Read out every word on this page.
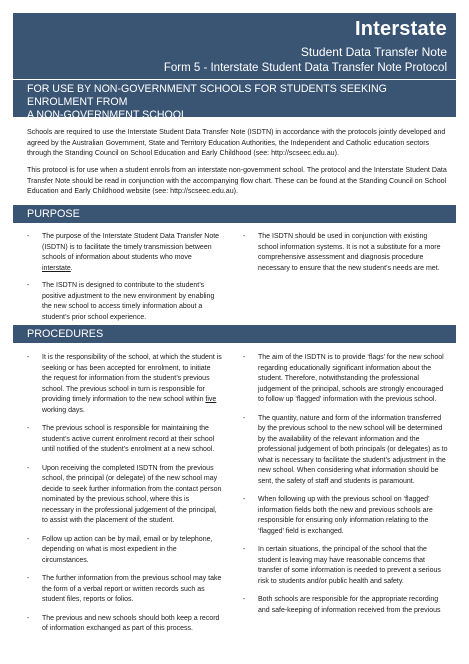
Interstate
Student Data Transfer Note
Form 5 - Interstate Student Data Transfer Note Protocol
FOR USE BY NON-GOVERNMENT SCHOOLS FOR STUDENTS SEEKING ENROLMENT FROM
A NON-GOVERNMENT SCHOOL
Schools are required to use the Interstate Student Data Transfer Note (ISDTN) in accordance with the protocols jointly developed and agreed by the Australian Government, State and Territory Education Authorities, the Independent and Catholic education sectors through the Standing Council on School Education and Early Childhood (see: http://scseec.edu.au).
This protocol is for use when a student enrols from an interstate non-government school. The protocol and the Interstate Student Data Transfer Note should be read in conjunction with the accompanying flow chart. These can be found at the Standing Council on School Education and Early Childhood website (see: http://scseec.edu.au).
PURPOSE
- The purpose of the Interstate Student Data Transfer Note (ISDTN) is to facilitate the timely transmission between schools of information about students who move interstate.
- The ISDTN is designed to contribute to the student’s positive adjustment to the new environment by enabling the new school to access timely information about a student’s prior school experience.
- The ISDTN should be used in conjunction with existing school information systems. It is not a substitute for a more comprehensive assessment and diagnosis procedure necessary to ensure that the new student’s needs are met.
PROCEDURES
- It is the responsibility of the school, at which the student is seeking or has been accepted for enrolment, to initiate the request for information from the student’s previous school. The previous school in turn is responsible for providing timely information to the new school within five working days.
- The previous school is responsible for maintaining the student’s active current enrolment record at their school until notified of the student’s enrolment at a new school.
- Upon receiving the completed ISDTN from the previous school, the principal (or delegate) of the new school may decide to seek further information from the contact person nominated by the previous school, where this is necessary in the professional judgement of the principal, to assist with the placement of the student.
- Follow up action can be by mail, email or by telephone, depending on what is most expedient in the circumstances.
- The further information from the previous school may take the form of a verbal report or written records such as student files, reports or folios.
- The previous and new schools should both keep a record of information exchanged as part of this process.
- The aim of the ISDTN is to provide ‘flags’ for the new school regarding educationally significant information about the student. Therefore, notwithstanding the professional judgement of the principal, schools are strongly encouraged to follow up ‘flagged’ information with the previous school.
- The quantity, nature and form of the information transferred by the previous school to the new school will be determined by the availability of the relevant information and the professional judgement of both principals (or delegates) as to what is necessary to facilitate the student’s adjustment in the new school. When considering what information should be sent, the safety of staff and students is paramount.
- When following up with the previous school on ‘flagged’ information fields both the new and previous schools are responsible for ensuring only information relating to the ‘flagged’ field is exchanged.
- In certain situations, the principal of the school that the student is leaving may have reasonable concerns that transfer of some information is needed to prevent a serious risk to students and/or public health and safety.
- Both schools are responsible for the appropriate recording and safe-keeping of information received from the previous
